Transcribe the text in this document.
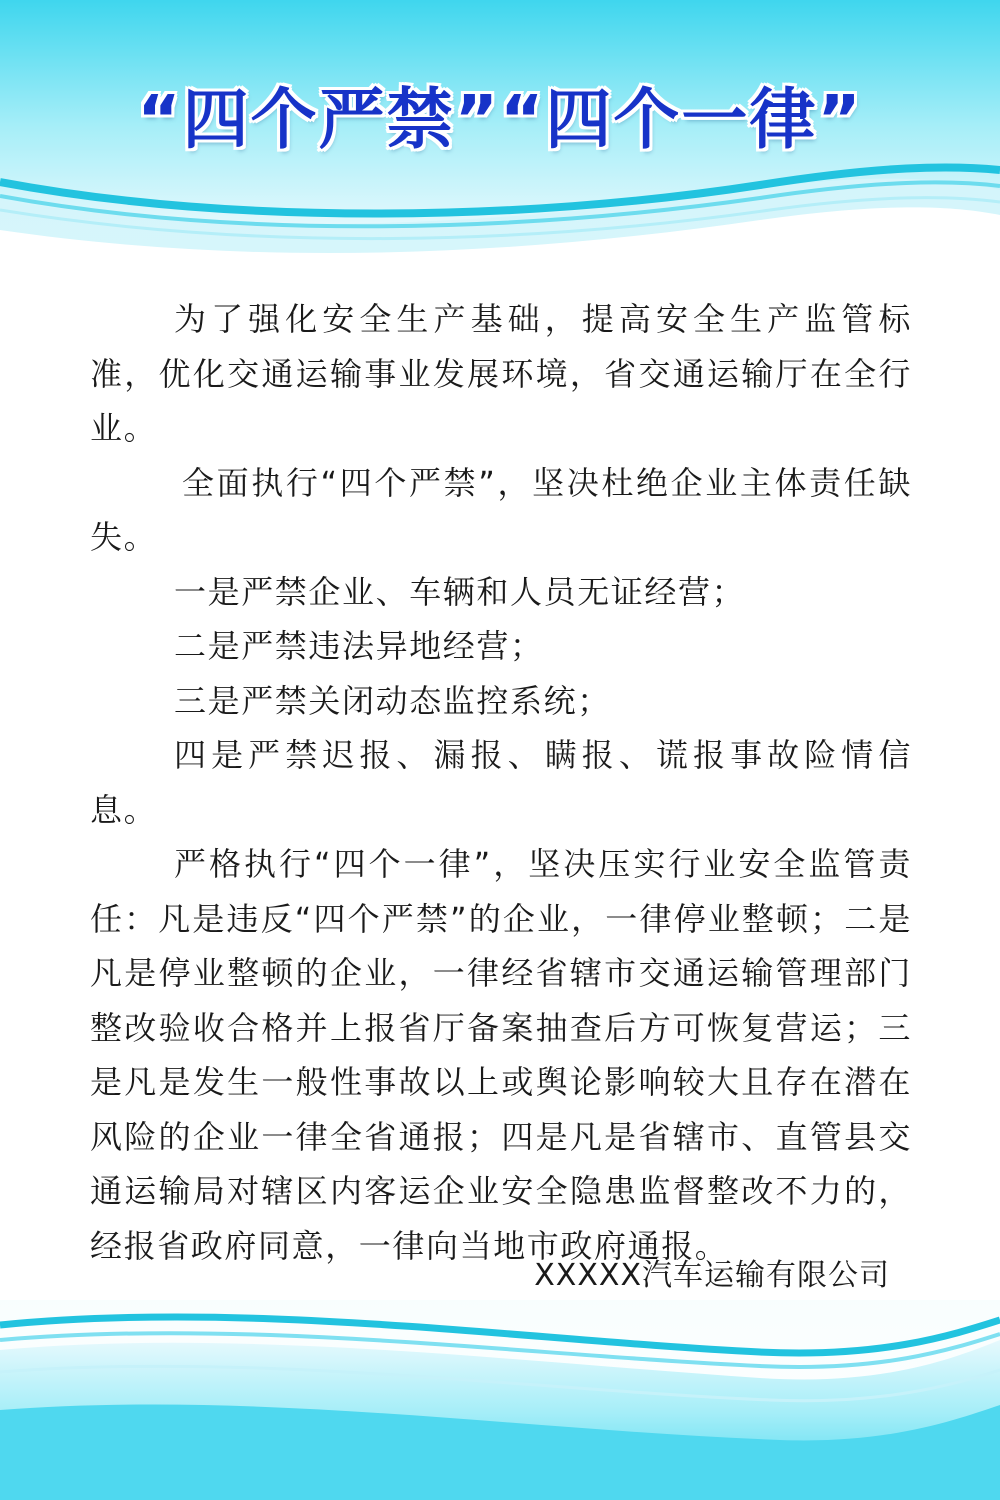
“四个严禁”“四个一律”

为了强化安全生产基础，提高安全生产监管标准，优化交通运输事业发展环境，省交通运输厅在全行业。

全面执行“四个严禁”，坚决杜绝企业主体责任缺失。

一是严禁企业、车辆和人员无证经营；

二是严禁违法异地经营；

三是严禁关闭动态监控系统；

四是严禁迟报、漏报、瞒报、谎报事故险情信息。

严格执行“四个一律”，坚决压实行业安全监管责任：凡是违反“四个严禁”的企业，一律停业整顿；二是凡是停业整顿的企业，一律经省辖市交通运输管理部门整改验收合格并上报省厅备案抽查后方可恢复营运；三是凡是发生一般性事故以上或舆论影响较大且存在潜在风险的企业一律全省通报；四是凡是省辖市、直管县交通运输局对辖区内客运企业安全隐患监督整改不力的，经报省政府同意，一律向当地市政府通报。

XXXXX汽车运输有限公司
